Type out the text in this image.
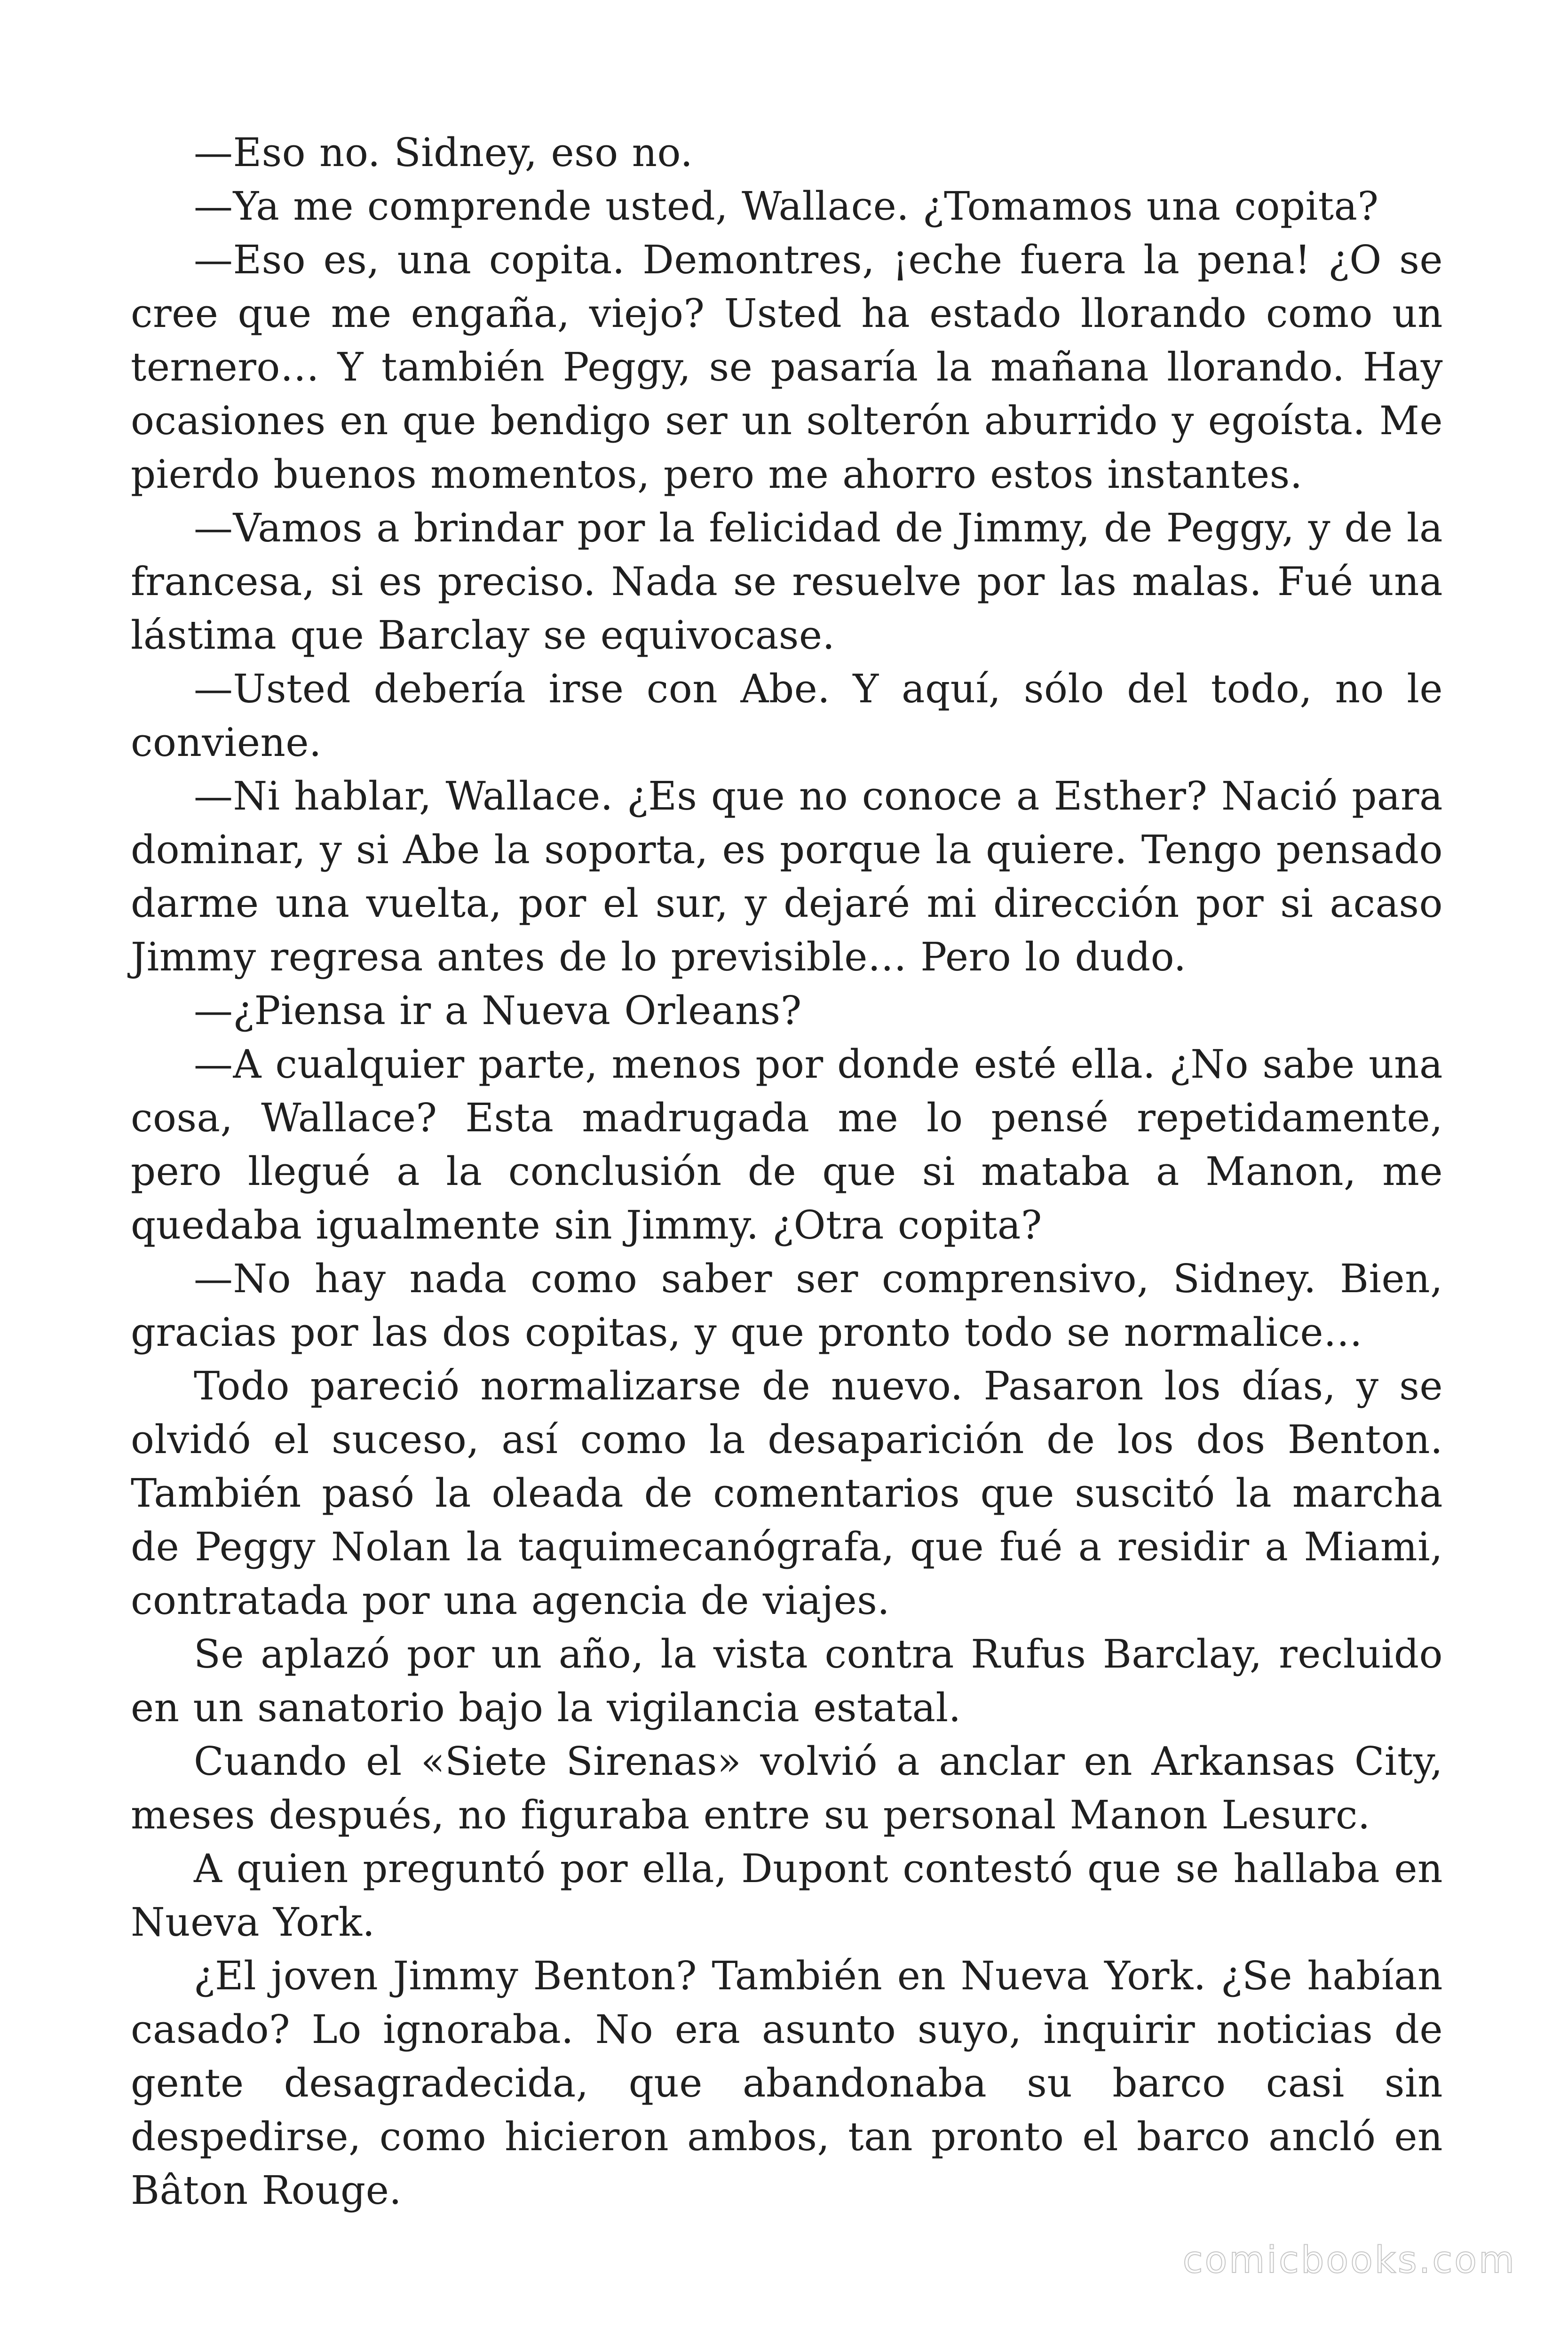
—Eso no. Sidney, eso no.

—Ya me comprende usted, Wallace. ¿Tomamos una copita?

—Eso es, una copita. Demontres, ¡eche fuera la pena! ¿O se cree que me engaña, viejo? Usted ha estado llorando como un ternero… Y también Peggy, se pasaría la mañana llorando. Hay ocasiones en que bendigo ser un solterón aburrido y egoísta. Me pierdo buenos momentos, pero me ahorro estos instantes.

—Vamos a brindar por la felicidad de Jimmy, de Peggy, y de la francesa, si es preciso. Nada se resuelve por las malas. Fué una lástima que Barclay se equivocase.

—Usted debería irse con Abe. Y aquí, sólo del todo, no le conviene.

—Ni hablar, Wallace. ¿Es que no conoce a Esther? Nació para dominar, y si Abe la soporta, es porque la quiere. Tengo pensado darme una vuelta, por el sur, y dejaré mi dirección por si acaso Jimmy regresa antes de lo previsible… Pero lo dudo.

—¿Piensa ir a Nueva Orleans?

—A cualquier parte, menos por donde esté ella. ¿No sabe una cosa, Wallace? Esta madrugada me lo pensé repetidamente, pero llegué a la conclusión de que si mataba a Manon, me quedaba igualmente sin Jimmy. ¿Otra copita?

—No hay nada como saber ser comprensivo, Sidney. Bien, gracias por las dos copitas, y que pronto todo se normalice…

Todo pareció normalizarse de nuevo. Pasaron los días, y se olvidó el suceso, así como la desaparición de los dos Benton. También pasó la oleada de comentarios que suscitó la marcha de Peggy Nolan la taquimecanógrafa, que fué a residir a Miami, contratada por una agencia de viajes.

Se aplazó por un año, la vista contra Rufus Barclay, recluido en un sanatorio bajo la vigilancia estatal.

Cuando el «Siete Sirenas» volvió a anclar en Arkansas City, meses después, no figuraba entre su personal Manon Lesurc.

A quien preguntó por ella, Dupont contestó que se hallaba en Nueva York.

¿El joven Jimmy Benton? También en Nueva York. ¿Se habían casado? Lo ignoraba. No era asunto suyo, inquirir noticias de gente desagradecida, que abandonaba su barco casi sin despedirse, como hicieron ambos, tan pronto el barco ancló en Bâton Rouge.

comicbooks.com
